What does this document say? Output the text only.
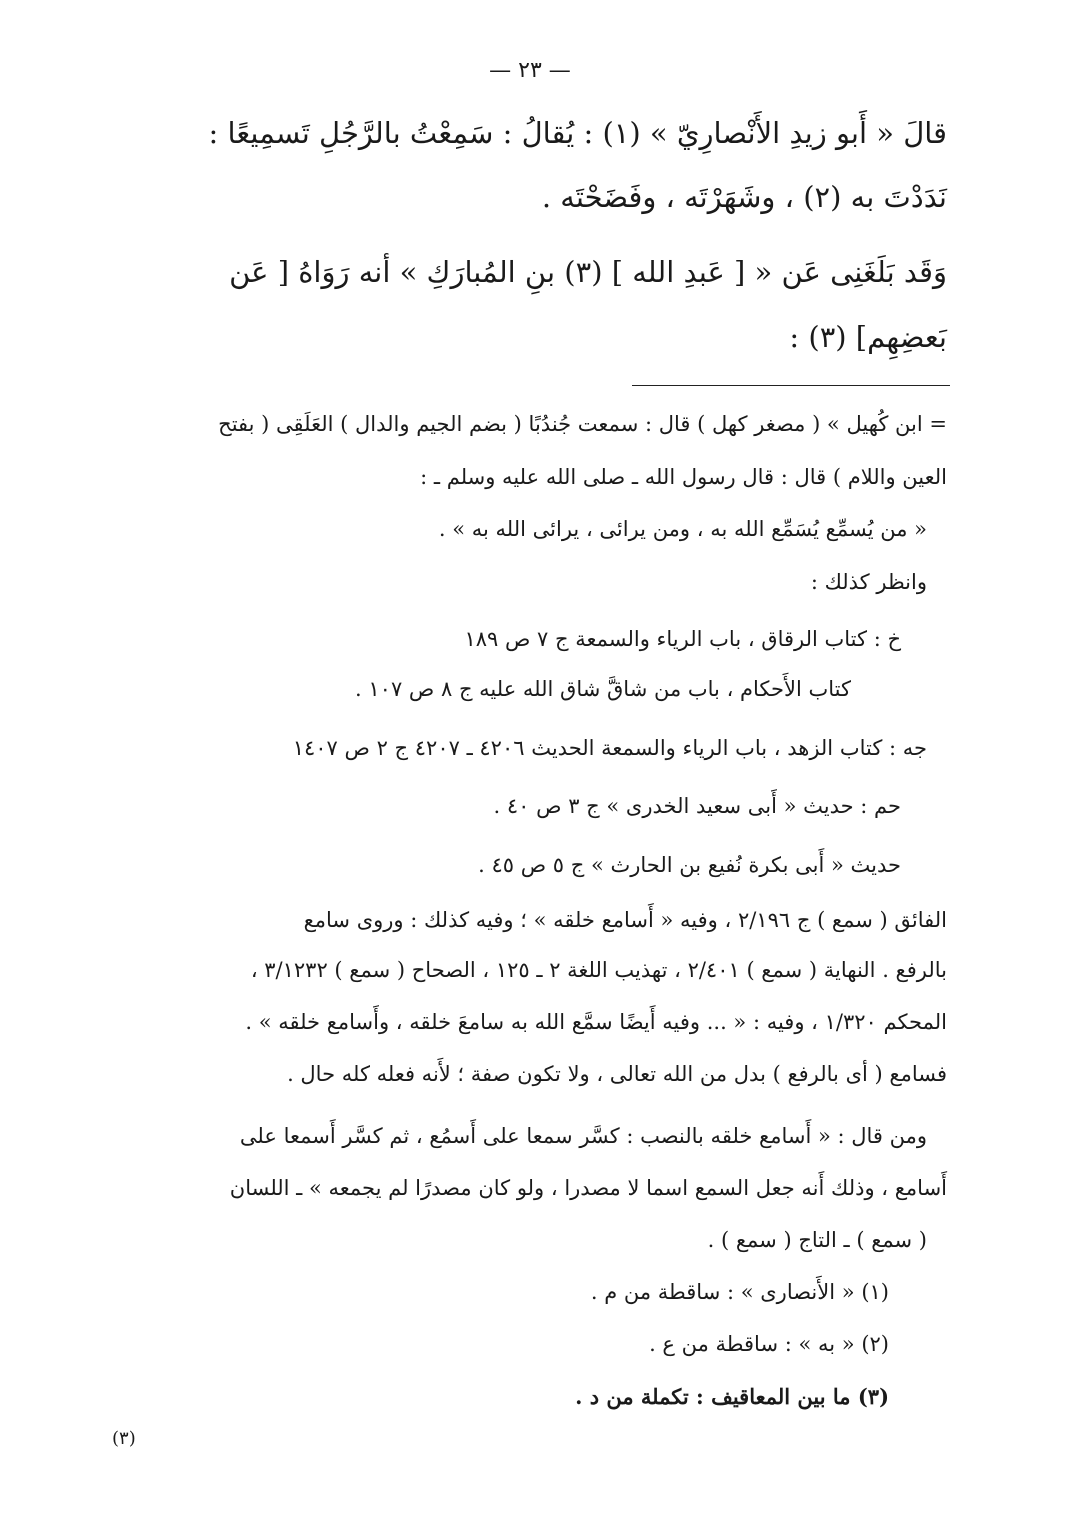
— ٢٣ —
قالَ « أَبو زيدِ الأَنْصارِيّ » (١) : يُقالُ : سَمِعْتُ بالرَّجُلِ تَسمِيعًا :
نَدَدْتَ به (٢) ، وشَهَرْتَه ، وفَضَحْتَه .
وَقَد بَلَغَنِى عَن « [ عَبدِ الله ] (٣) بنِ المُبارَكِ » أنه رَوَاهُ [ عَن
بَعضِهِم] (٣) :
= ابن كُهيل » ( مصغر كهل ) قال : سمعت جُندُبًا ( بضم الجيم والدال ) العَلَقِى ( بفتح
العين واللام ) قال : قال رسول الله ـ صلى الله عليه وسلم ـ :
« من يُسمِّع يُسَمِّع الله به ، ومن يرائى ، يرائى الله به » .
وانظر كذلك :
خ : كتاب الرقاق ، باب الرياء والسمعة ج ٧ ص ١٨٩
كتاب الأَحكام ، باب من شاقَّ شاق الله عليه ج ٨ ص ١٠٧ .
جه : كتاب الزهد ، باب الرياء والسمعة الحديث ٤٢٠٦ ـ ٤٢٠٧ ج ٢ ص ١٤٠٧
حم : حديث « أَبى سعيد الخدرى » ج ٣ ص ٤٠ .
حديث « أَبى بكرة نُفيع بن الحارث » ج ٥ ص ٤٥ .
الفائق ( سمع ) ج ٢/١٩٦ ، وفيه « أَسامع خلقه » ؛ وفيه كذلك : وروى سامع
بالرفع . النهاية ( سمع ) ٢/٤٠١ ، تهذيب اللغة ٢ ـ ١٢٥ ، الصحاح ( سمع ) ٣/١٢٣٢ ،
المحكم ١/٣٢٠ ، وفيه : « ... وفيه أَيضًا سمَّع الله به سامعَ خلقه ، وأَسامع خلقه » .
فسامع ( أى بالرفع ) بدل من الله تعالى ، ولا تكون صفة ؛ لأَنه فعله كله حال .
ومن قال : « أَسامع خلقه بالنصب : كسَّر سمعا على أَسمُع ، ثم كسَّر أَسمعا على
أَسامع ، وذلك أَنه جعل السمع اسما لا مصدرا ، ولو كان مصدرًا لم يجمعه » ـ اللسان
( سمع ) ـ التاج ( سمع ) .
(١) « الأَنصارى » : ساقطة من م .
(٢) « به » : ساقطة من ع .
(٣) ما بين المعاقيف : تكملة من د .
(٣)
